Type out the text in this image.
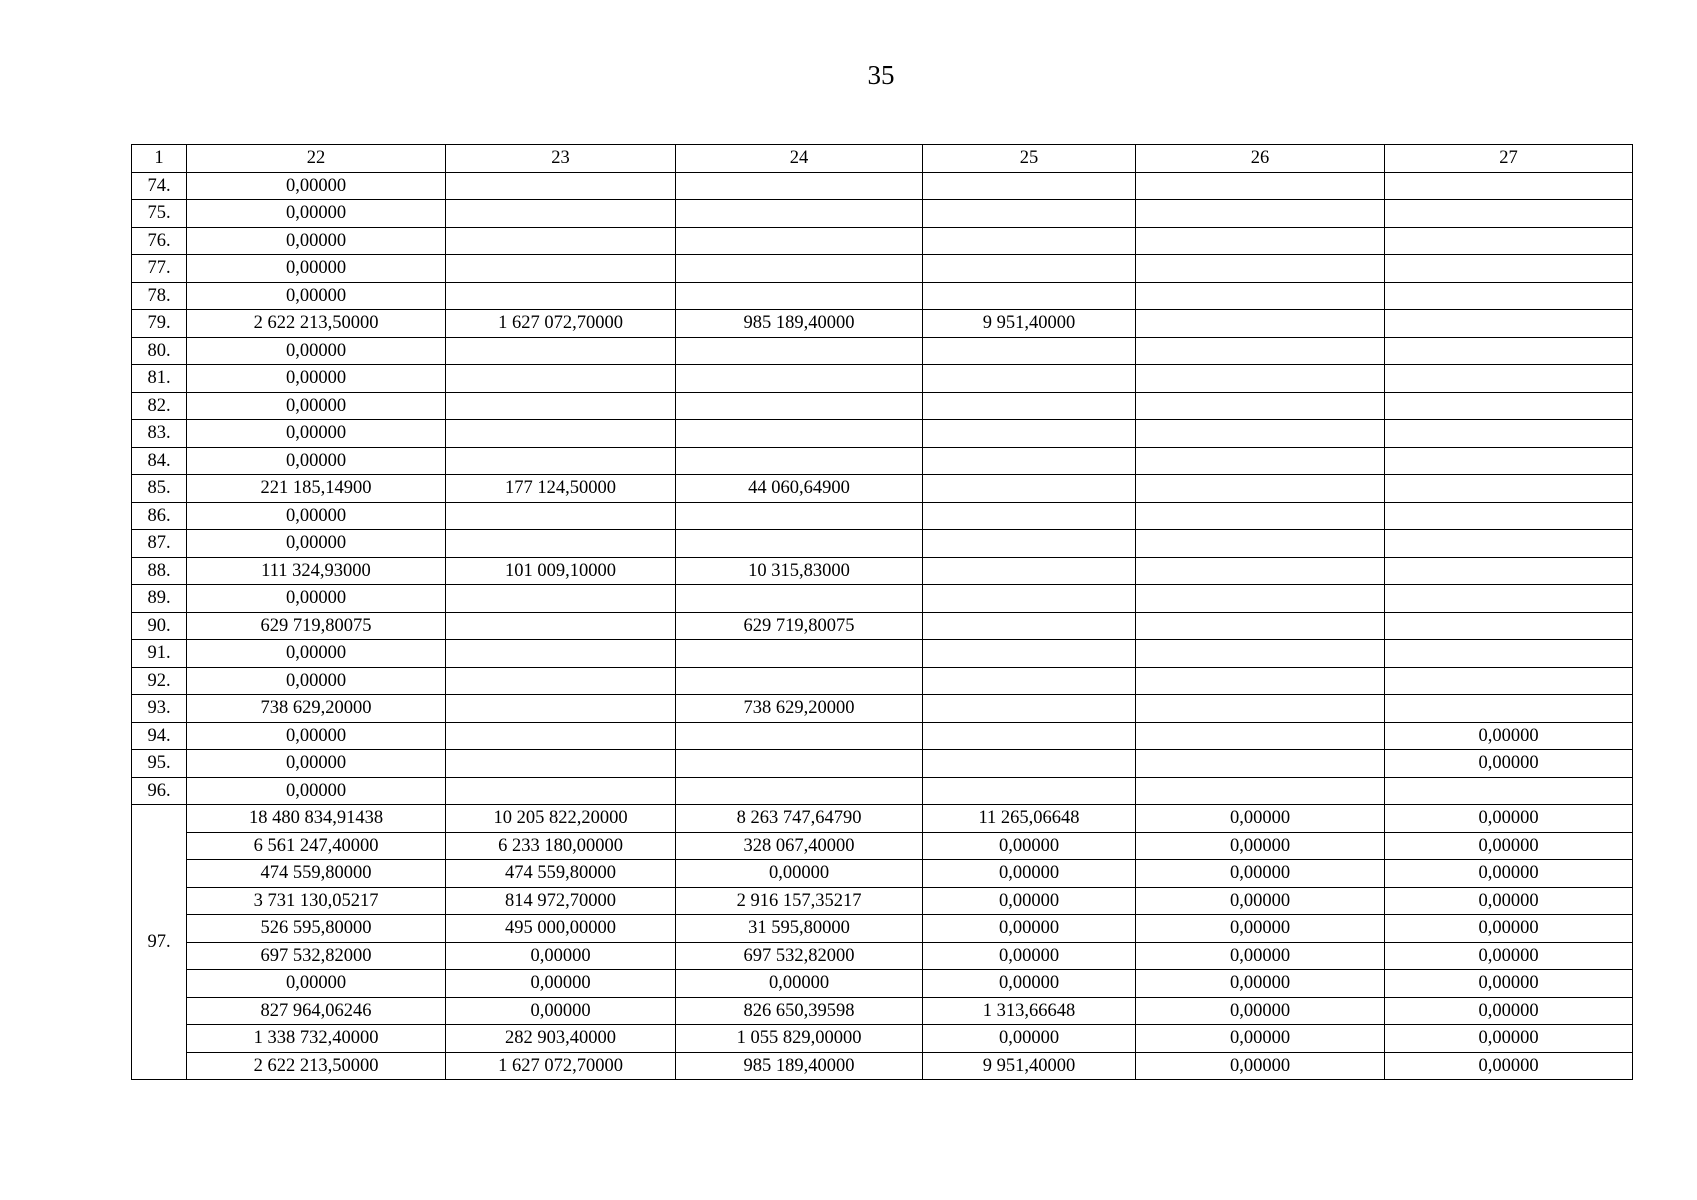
35
1	22	23	24	25	26	27
74.	0,00000					
75.	0,00000					
76.	0,00000					
77.	0,00000					
78.	0,00000					
79.	2 622 213,50000	1 627 072,70000	985 189,40000	9 951,40000		
80.	0,00000					
81.	0,00000					
82.	0,00000					
83.	0,00000					
84.	0,00000					
85.	221 185,14900	177 124,50000	44 060,64900			
86.	0,00000					
87.	0,00000					
88.	111 324,93000	101 009,10000	10 315,83000			
89.	0,00000					
90.	629 719,80075		629 719,80075			
91.	0,00000					
92.	0,00000					
93.	738 629,20000		738 629,20000			
94.	0,00000					0,00000
95.	0,00000					0,00000
96.	0,00000					
97.	18 480 834,91438	10 205 822,20000	8 263 747,64790	11 265,06648	0,00000	0,00000
	6 561 247,40000	6 233 180,00000	328 067,40000	0,00000	0,00000	0,00000
	474 559,80000	474 559,80000	0,00000	0,00000	0,00000	0,00000
	3 731 130,05217	814 972,70000	2 916 157,35217	0,00000	0,00000	0,00000
	526 595,80000	495 000,00000	31 595,80000	0,00000	0,00000	0,00000
	697 532,82000	0,00000	697 532,82000	0,00000	0,00000	0,00000
	0,00000	0,00000	0,00000	0,00000	0,00000	0,00000
	827 964,06246	0,00000	826 650,39598	1 313,66648	0,00000	0,00000
	1 338 732,40000	282 903,40000	1 055 829,00000	0,00000	0,00000	0,00000
	2 622 213,50000	1 627 072,70000	985 189,40000	9 951,40000	0,00000	0,00000
